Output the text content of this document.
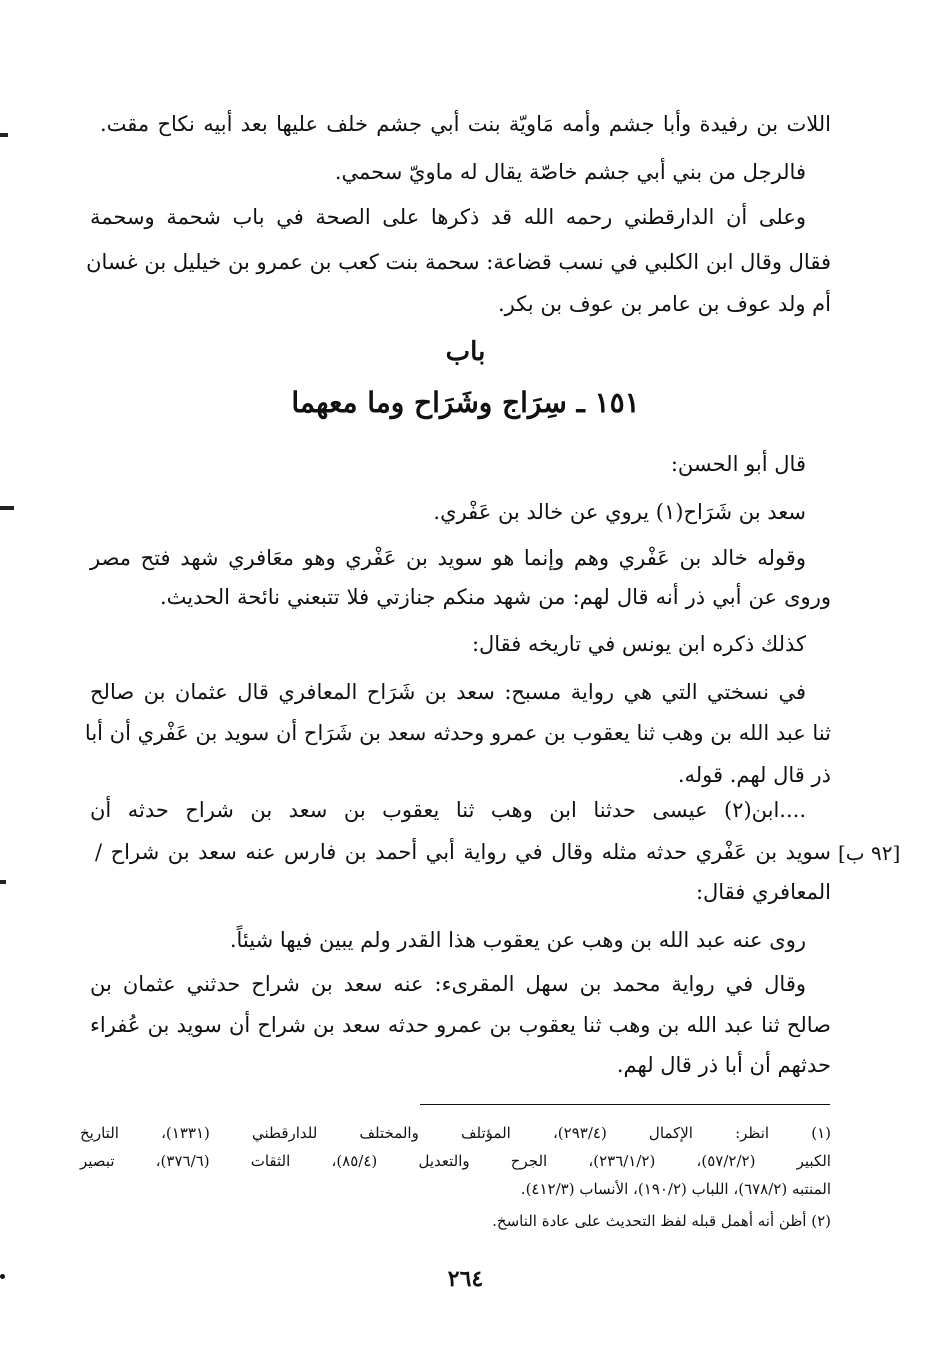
اللات بن رفيدة وأبا جشم وأمه مَاويّة بنت أبي جشم خلف عليها بعد أبيه نكاح مقت.
فالرجل من بني أبي جشم خاصّة يقال له ماويّ سحمي.
وعلى أن الدارقطني رحمه الله قد ذكرها على الصحة في باب شحمة وسحمة
فقال وقال ابن الكلبي في نسب قضاعة: سحمة بنت كعب بن عمرو بن خيليل بن غسان
أم ولد عوف بن عامر بن عوف بن بكر.
باب
١٥١ ـ سِرَاج وشَرَاح وما معهما
قال أبو الحسن:
سعد بن شَرَاح(١) يروي عن خالد بن عَفْري.
وقوله خالد بن عَفْري وهم وإنما هو سويد بن عَفْري وهو معَافري شهد فتح مصر
وروى عن أبي ذر أنه قال لهم: من شهد منكم جنازتي فلا تتبعني نائحة الحديث.
كذلك ذكره ابن يونس في تاريخه فقال:
في نسختي التي هي رواية مسبح: سعد بن شَرَاح المعافري قال عثمان بن صالح
ثنا عبد الله بن وهب ثنا يعقوب بن عمرو وحدثه سعد بن شَرَاح أن سويد بن عَفْري أن أبا
ذر قال لهم. قوله.
....ابن(٢) عيسى حدثنا ابن وهب ثنا يعقوب بن سعد بن شراح حدثه أن
سويد بن عَفْري حدثه مثله وقال في رواية أبي أحمد بن فارس عنه سعد بن شراح / [٩٢ ب]
المعافري فقال:
روى عنه عبد الله بن وهب عن يعقوب هذا القدر ولم يبين فيها شيئاً.
وقال في رواية محمد بن سهل المقرىء: عنه سعد بن شراح حدثني عثمان بن
صالح ثنا عبد الله بن وهب ثنا يعقوب بن عمرو حدثه سعد بن شراح أن سويد بن عُفراء
حدثهم أن أبا ذر قال لهم.
(١) انظر: الإكمال (٢٩٣/٤)، المؤتلف والمختلف للدارقطني (١٣٣١)، التاريخ
الكبير (٥٧/٢/٢)، (٢٣٦/١/٢)، الجرح والتعديل (٨٥/٤)، الثقات (٣٧٦/٦)، تبصير
المنتبه (٦٧٨/٢)، اللباب (١٩٠/٢)، الأنساب (٤١٢/٣).
(٢) أظن أنه أهمل قبله لفظ التحديث على عادة الناسخ.
٢٦٤
